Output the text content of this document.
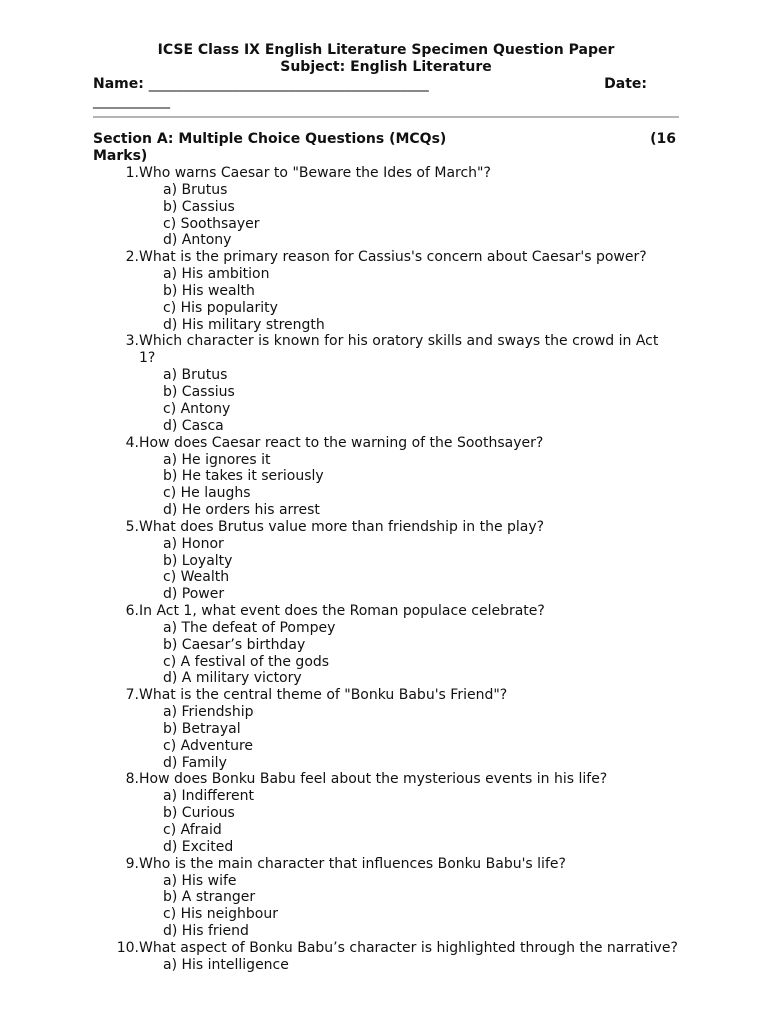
ICSE Class IX English Literature Specimen Question Paper
Subject: English Literature
Name: ________________________________________	Date:
___________
Section A: Multiple Choice Questions (MCQs)	(16
Marks)
1. Who warns Caesar to "Beware the Ides of March"?
a) Brutus
b) Cassius
c) Soothsayer
d) Antony
2. What is the primary reason for Cassius's concern about Caesar's power?
a) His ambition
b) His wealth
c) His popularity
d) His military strength
3. Which character is known for his oratory skills and sways the crowd in Act 1?
a) Brutus
b) Cassius
c) Antony
d) Casca
4. How does Caesar react to the warning of the Soothsayer?
a) He ignores it
b) He takes it seriously
c) He laughs
d) He orders his arrest
5. What does Brutus value more than friendship in the play?
a) Honor
b) Loyalty
c) Wealth
d) Power
6. In Act 1, what event does the Roman populace celebrate?
a) The defeat of Pompey
b) Caesar’s birthday
c) A festival of the gods
d) A military victory
7. What is the central theme of "Bonku Babu's Friend"?
a) Friendship
b) Betrayal
c) Adventure
d) Family
8. How does Bonku Babu feel about the mysterious events in his life?
a) Indifferent
b) Curious
c) Afraid
d) Excited
9. Who is the main character that influences Bonku Babu's life?
a) His wife
b) A stranger
c) His neighbour
d) His friend
10. What aspect of Bonku Babu’s character is highlighted through the narrative?
a) His intelligence
